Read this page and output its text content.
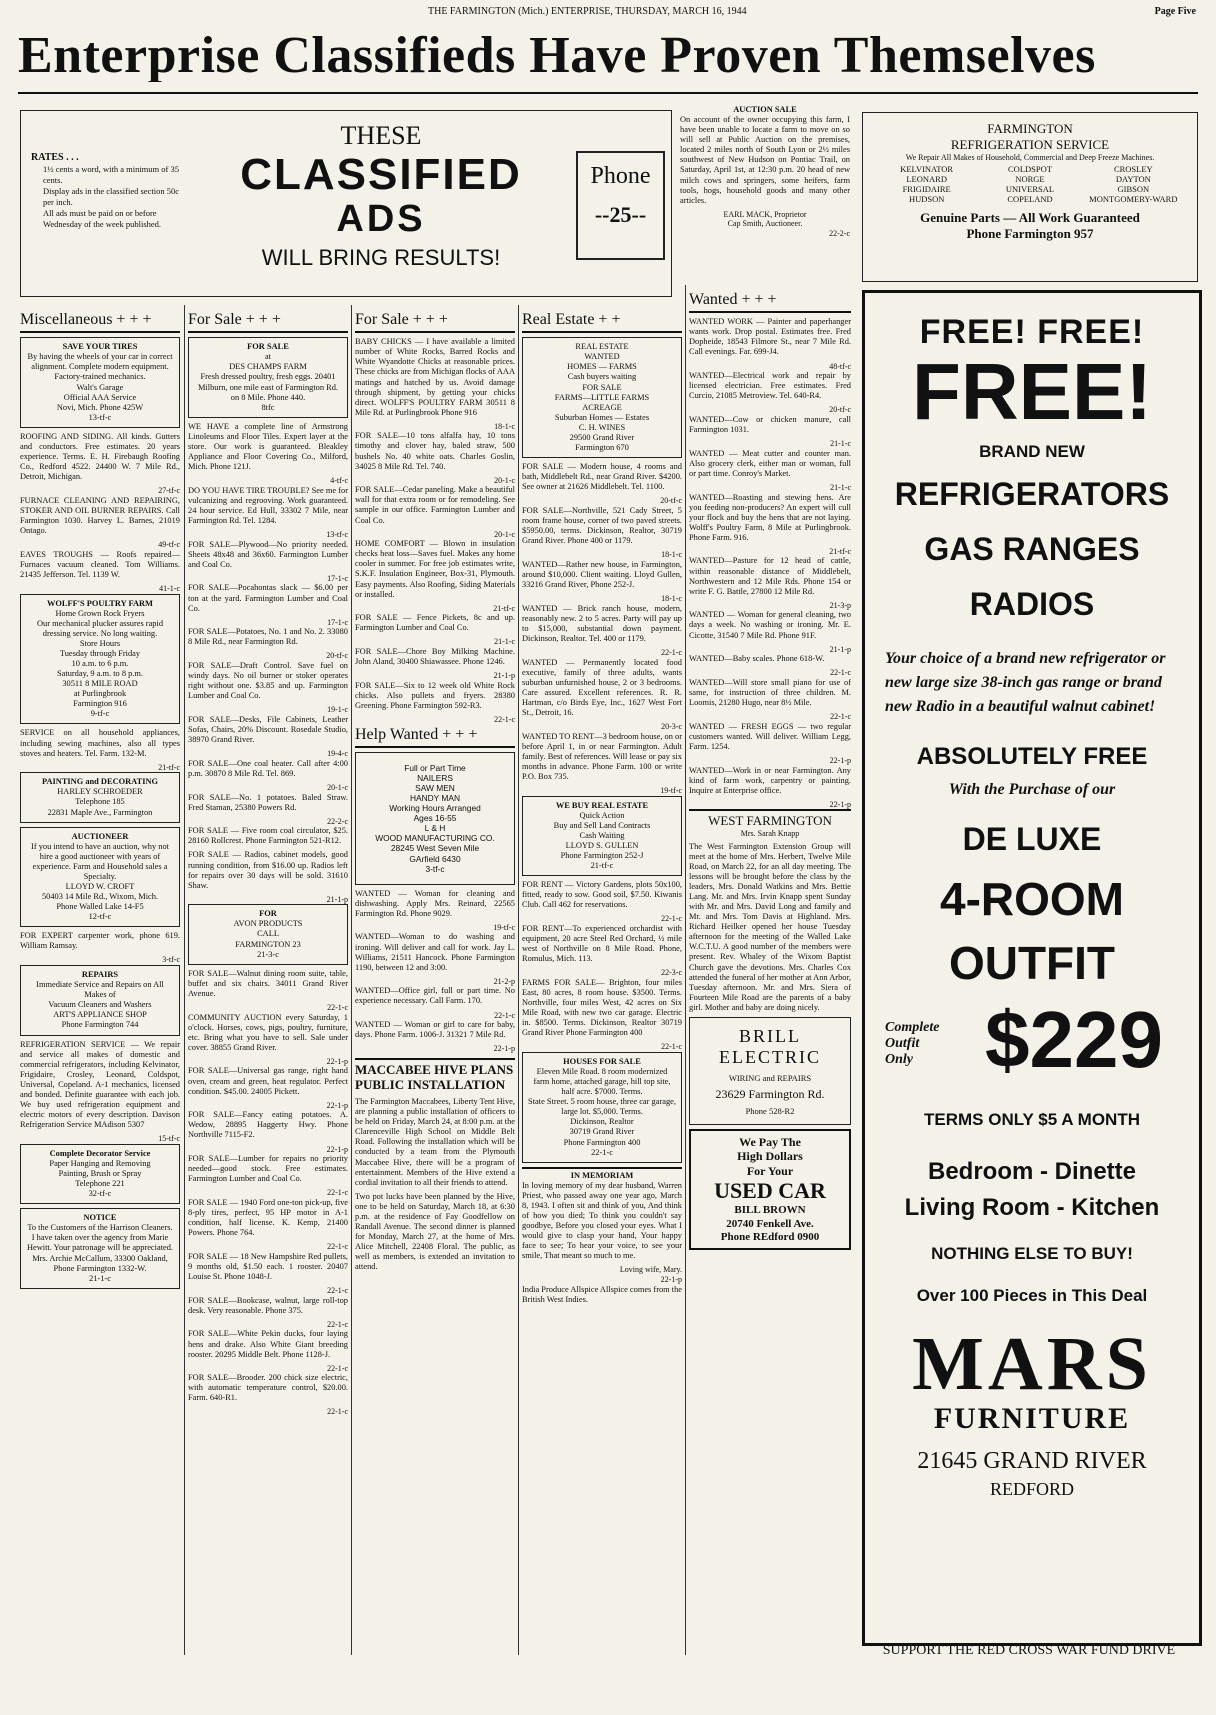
THE FARMINGTON (Mich.) ENTERPRISE, THURSDAY, MARCH 16, 1944	Page Five
Enterprise Classifieds Have Proven Themselves
RATES . . .
1½ cents a word, with a minimum of 35 cents.
Display ads in the classified section 50c per inch.
All ads must be paid on or before Wednesday of the week published.
THESE
CLASSIFIED
ADS
WILL BRING RESULTS!
Phone
--25--
AUCTION SALE
On account of the owner occupying this farm, I have been unable to locate a farm to move on so will sell at Public Auction on the premises, located 2 miles north of South Lyon or 2½ miles southwest of New Hudson on Pontiac Trail, on Saturday, April 1st, at 12:30 p.m. 20 head of new milch cows and springers, some heifers, farm tools, hogs, household goods and many other articles.
EARL MACK, Proprietor
Cap Smith, Auctioneer.
22-2-c
FARMINGTON
REFRIGERATION SERVICE
We Repair All Makes of Household, Commercial and Deep Freeze Machines.
KELVINATOR	COLDSPOT	CROSLEY
LEONARD	NORGE	DAYTON
FRIGIDAIRE	UNIVERSAL	GIBSON
HUDSON	COPELAND	MONTGOMERY-WARD
Genuine Parts — All Work Guaranteed
Phone Farmington 957
Miscellaneous + + +
SAVE YOUR TIRES
By having the wheels of your car in correct alignment. Complete modern equipment. Factory-trained mechanics.
Walt's Garage
Official AAA Service
Novi, Mich. Phone 425W
13-tf-c
ROOFING AND SIDING. All kinds. Gutters and conductors. Free estimates. 20 years experience. Terms. E. H. Firebaugh Roofing Co., Redford 4522. 24400 W. 7 Mile Rd., Detroit, Michigan.
27-tf-c
FURNACE CLEANING AND REPAIRING, STOKER AND OIL BURNER REPAIRS. Call Farmington 1030. Harvey L. Barnes, 21019 Ontago.
49-tf-c
EAVES TROUGHS — Roofs repaired—Furnaces vacuum cleaned. Tom Williams. 21435 Jefferson. Tel. 1139 W.
41-1-c
WOLFF'S POULTRY FARM
Home Grown Rock Fryers
Our mechanical plucker assures rapid dressing service. No long waiting.
Store Hours
Tuesday through Friday
10 a.m. to 6 p.m.
Saturday, 9 a.m. to 8 p.m.
30511 8 MILE ROAD
at Purlingbrook
Farmington 916
9-tf-c
SERVICE on all household appliances, including sewing machines, also all types stoves and heaters. Tel. Farm. 132-M.
21-tf-c
PAINTING and DECORATING
HARLEY SCHROEDER
Telephone 185
22831 Maple Ave., Farmington
AUCTIONEER
If you intend to have an auction, why not hire a good auctioneer with years of experience. Farm and Household sales a Specialty.
LLOYD W. CROFT
50403 14 Mile Rd., Wixom, Mich.
Phone Walled Lake 14-F5
12-tf-c
FOR EXPERT carpenter work, phone 619. William Ramsay.
3-tf-c
REPAIRS
Immediate Service and Repairs on All Makes of
Vacuum Cleaners and Washers
ART'S APPLIANCE SHOP
Phone Farmington 744
REFRIGERATION SERVICE — We repair and service all makes of domestic and commercial refrigerators, including Kelvinator, Frigidaire, Crosley, Leonard, Coldspot, Universal, Copeland. A-1 mechanics, licensed and bonded. Definite guarantee with each job. We buy used refrigeration equipment and electric motors of every description. Davison Refrigeration Service MAdison 5307
15-tf-c
Complete Decorator Service
Paper Hanging and Removing
Painting, Brush or Spray
Telephone 221
32-tf-c
NOTICE
To the Customers of the Harrison Cleaners. I have taken over the agency from Marie Hewitt. Your patronage will be appreciated. Mrs. Archie McCallum, 33300 Oakland, Phone Farmington 1332-W.
21-1-c
For Sale + + +
FOR SALE
at
DES CHAMPS FARM
Fresh dressed poultry, fresh eggs. 20401 Milburn, one mile east of Farmington Rd. on 8 Mile. Phone 440.
8tfc
WE HAVE a complete line of Armstrong Linoleums and Floor Tiles. Expert layer at the store. Our work is guaranteed. Bleakley Appliance and Floor Covering Co., Milford, Mich. Phone 121J.
4-tf-c
DO YOU HAVE TIRE TROUBLE? See me for vulcanizing and regrooving. Work guaranteed. 24 hour service. Ed Hull, 33302 7 Mile, near Farmington Rd. Tel. 1284.
13-tf-c
FOR SALE—Plywood—No priority needed. Sheets 48x48 and 36x60. Farmington Lumber and Coal Co.
17-1-c
FOR SALE—Pocahontas slack — $6.00 per ton at the yard. Farmington Lumber and Coal Co.
17-1-c
FOR SALE—Potatoes, No. 1 and No. 2. 33080 8 Mile Rd., near Farmington Rd.
20-tf-c
FOR SALE—Draft Control. Save fuel on windy days. No oil burner or stoker operates right without one. $3.85 and up. Farmington Lumber and Coal Co.
19-1-c
FOR SALE—Desks, File Cabinets, Leather Sofas, Chairs, 20% Discount. Rosedale Studio, 38970 Grand River.
19-4-c
FOR SALE—One coal heater. Call after 4:00 p.m. 30870 8 Mile Rd. Tel. 869.
20-1-c
FOR SALE—No. 1 potatoes. Baled Straw. Fred Staman, 25380 Powers Rd.
22-2-c
FOR SALE — Five room coal circulator, $25. 28160 Rollcrest. Phone Farmington 521-R12.
FOR SALE — Radios, cabinet models, good running condition, from $16.00 up. Radios left for repairs over 30 days will be sold. 31610 Shaw.
21-1-p
FOR
AVON PRODUCTS
CALL
FARMINGTON 23
21-3-c
FOR SALE—Walnut dining room suite, table, buffet and six chairs. 34011 Grand River Avenue.
22-1-c
COMMUNITY AUCTION every Saturday, 1 o'clock. Horses, cows, pigs, poultry, furniture, etc. Bring what you have to sell. Sale under cover. 38855 Grand River.
22-1-p
FOR SALE—Universal gas range, right hand oven, cream and green, heat regulator. Perfect condition. $45.00. 24005 Pickett.
22-1-p
FOR SALE—Fancy eating potatoes. A. Wedow, 28895 Haggerty Hwy. Phone Northville 7115-F2.
22-1-p
FOR SALE—Lumber for repairs no priority needed—good stock. Free estimates. Farmington Lumber and Coal Co.
22-1-c
FOR SALE — 1940 Ford one-ton pick-up, five 8-ply tires, perfect, 95 HP motor in A-1 condition, half license. K. Kemp, 21400 Powers. Phone 764.
22-1-c
FOR SALE — 18 New Hampshire Red pullets, 9 months old, $1.50 each. 1 rooster. 20407 Louise St. Phone 1048-J.
22-1-c
FOR SALE—Bookcase, walnut, large roll-top desk. Very reasonable. Phone 375.
22-1-c
FOR SALE—White Pekin ducks, four laying hens and drake. Also White Giant breeding rooster. 20295 Middle Belt. Phone 1128-J.
22-1-c
FOR SALE—Brooder. 200 chick size electric, with automatic temperature control, $20.00. Farm. 640-R1.
22-1-c
For Sale + + +
BABY CHICKS — I have available a limited number of White Rocks, Barred Rocks and White Wyandotte Chicks at reasonable prices. These chicks are from Michigan flocks of AAA matings and hatched by us. Avoid damage through shipment, by getting your chicks direct. WOLFF'S POULTRY FARM 30511 8 Mile Rd. at Purlingbrook Phone 916
18-1-c
FOR SALE—10 tons alfalfa hay, 10 tons timothy and clover hay, baled straw, 500 bushels No. 40 white oats. Charles Goslin, 34025 8 Mile Rd. Tel. 740.
20-1-c
FOR SALE—Cedar paneling. Make a beautiful wall for that extra room or for remodeling. See sample in our office. Farmington Lumber and Coal Co.
20-1-c
HOME COMFORT — Blown in insulation checks heat loss—Saves fuel. Makes any home cooler in summer. For free job estimates write, S.K.F. Insulation Engineer, Box-31, Plymouth. Easy payments. Also Roofing, Siding Materials or installed.
21-tf-c
FOR SALE — Fence Pickets, 8c and up. Farmington Lumber and Coal Co.
21-1-c
FOR SALE—Chore Boy Milking Machine. John Aland, 30400 Shiawassee. Phone 1246.
21-1-p
FOR SALE—Six to 12 week old White Rock chicks. Also pullets and fryers. 28380 Greening. Phone Farmington 592-R3.
22-1-c
Help Wanted + + +
Full or Part Time
NAILERS
SAW MEN
HANDY MAN
Working Hours Arranged
Ages 16-55
L & H
WOOD MANUFACTURING CO.
28245 West Seven Mile
GArfield 6430
3-tf-c
WANTED — Woman for cleaning and dishwashing. Apply Mrs. Reinard, 22565 Farmington Rd. Phone 9029.
19-tf-c
WANTED—Woman to do washing and ironing. Will deliver and call for work. Jay L. Williams, 21511 Hancock. Phone Farmington 1190, between 12 and 3:00.
21-2-p
WANTED—Office girl, full or part time. No experience necessary. Call Farm. 170.
22-1-c
WANTED — Woman or girl to care for baby, days. Phone Farm. 1006-J. 31321 7 Mile Rd.
22-1-p
MACCABEE HIVE PLANS PUBLIC INSTALLATION
The Farmington Maccabees, Liberty Tent Hive, are planning a public installation of officers to be held on Friday, March 24, at 8:00 p.m. at the Clarenceville High School on Middle Belt Road. Following the installation which will be conducted by a team from the Plymouth Maccabee Hive, there will be a program of entertainment. Members of the Hive extend a cordial invitation to all their friends to attend.
Two pot lucks have been planned by the Hive, one to be held on Saturday, March 18, at 6:30 p.m. at the residence of Fay Goodfellow on Randall Avenue. The second dinner is planned for Monday, March 27, at the home of Mrs. Alice Mitchell, 22408 Floral. The public, as well as members, is extended an invitation to attend.
Real Estate + +
REAL ESTATE
WANTED
HOMES — FARMS
Cash buyers waiting
FOR SALE
FARMS—LITTLE FARMS
ACREAGE
Suburban Homes — Estates
C. H. WINES
29500 Grand River
Farmington 670
FOR SALE — Modern house, 4 rooms and bath, Middlebelt Rd., near Grand River. $4200. See owner at 21626 Middlebelt. Tel. 1100.
20-tf-c
FOR SALE—Northville, 521 Cady Street, 5 room frame house, corner of two paved streets. $5950.00, terms. Dickinson, Realtor, 30719 Grand River. Phone 400 or 1179.
18-1-c
WANTED—Rather new house, in Farmington, around $10,000. Client waiting. Lloyd Gullen, 33216 Grand River, Phone 252-J.
18-1-c
WANTED — Brick ranch house, modern, reasonably new. 2 to 5 acres. Party will pay up to $15,000, substantial down payment. Dickinson, Realtor. Tel. 400 or 1179.
22-1-c
WANTED — Permanently located food executive, family of three adults, wants suburban unfurnished house, 2 or 3 bedrooms. Care assured. Excellent references. R. R. Hartman, c/o Birds Eye, Inc., 1627 West Fort St., Detroit, 16.
20-3-c
WANTED TO RENT—3 bedroom house, on or before April 1, in or near Farmington. Adult family. Best of references. Will lease or pay six months in advance. Phone Farm. 100 or write P.O. Box 735.
19-tf-c
WE BUY REAL ESTATE
Quick Action
Buy and Sell Land Contracts
Cash Waiting
LLOYD S. GULLEN
Phone Farmington 252-J
21-tf-c
FOR RENT — Victory Gardens, plots 50x100, fitted, ready to sow. Good soil, $7.50. Kiwanis Club. Call 462 for reservations.
22-1-c
FOR RENT—To experienced orchardist with equipment, 20 acre Steel Red Orchard, ½ mile west of Northville on 8 Mile Road. Phone, Romulus, Mich. 113.
22-3-c
FARMS FOR SALE— Brighton, four miles East, 80 acres, 8 room house. $3500. Terms. Northville, four miles West, 42 acres on Six Mile Road, with new two car garage. Electric in. $8500. Terms. Dickinson, Realtor 30719 Grand River Phone Farmington 400
22-1-c
HOUSES FOR SALE
Eleven Mile Road. 8 room modernized farm home, attached garage, hill top site, half acre. $7000. Terms.
State Street. 5 room house, three car garage, large lot. $5,000. Terms.
Dickinson, Realtor
30719 Grand River
Phone Farmington 400
22-1-c
IN MEMORIAM
In loving memory of my dear husband, Warren Priest, who passed away one year ago, March 8, 1943. I often sit and think of you, And think of how you died; To think you couldn't say goodbye, Before you closed your eyes. What I would give to clasp your hand, Your happy face to see; To hear your voice, to see your smile, That meant so much to me.
Loving wife, Mary.
22-1-p
India Produce Allspice Allspice comes from the British West Indies.
Wanted + + +
WANTED WORK — Painter and paperhanger wants work. Drop postal. Estimates free. Fred Dopheide, 18543 Filmore St., near 7 Mile Rd. Call evenings. Far. 699-J4.
48-tf-c
WANTED—Electrical work and repair by licensed electrician. Free estimates. Fred Curcio, 21085 Metroview. Tel. 640-R4.
20-tf-c
WANTED—Cow or chicken manure, call Farmington 1031.
21-1-c
WANTED — Meat cutter and counter man. Also grocery clerk, either man or woman, full or part time. Conroy's Market.
21-1-c
WANTED—Roasting and stewing hens. Are you feeding non-producers? An expert will cull your flock and buy the hens that are not laying. Wolff's Poultry Farm, 8 Mile at Purlingbrook. Phone Farm. 916.
21-tf-c
WANTED—Pasture for 12 head of cattle, within reasonable distance of Middlebelt, Northwestern and 12 Mile Rds. Phone 154 or write F. G. Battle, 27800 12 Mile Rd.
21-3-p
WANTED — Woman for general cleaning, two days a week. No washing or ironing. Mr. E. Cicotte, 31540 7 Mile Rd. Phone 91F.
21-1-p
WANTED—Baby scales. Phone 618-W.
22-1-c
WANTED—Will store small piano for use of same, for instruction of three children. M. Loomis, 21280 Hugo, near 8½ Mile.
22-1-c
WANTED — FRESH EGGS — two regular customers wanted. Will deliver. William Legg, Farm. 1254.
22-1-p
WANTED—Work in or near Farmington. Any kind of farm work, carpentry or painting. Inquire at Enterprise office.
22-1-p
WEST FARMINGTON
Mrs. Sarah Knapp
The West Farmington Extension Group will meet at the home of Mrs. Herbert, Twelve Mile Road, on March 22, for an all day meeting. The lessons will be brought before the class by the leaders, Mrs. Donald Watkins and Mrs. Bettie Lang. Mr. and Mrs. Irvin Knapp spent Sunday with Mr. and Mrs. David Long and family and Mr. and Mrs. Tom Davis at Highland. Mrs. Richard Heilker opened her house Tuesday afternoon for the meeting of the Walled Lake W.C.T.U. A good number of the members were present. Rev. Whaley of the Wixom Baptist Church gave the devotions. Mrs. Charles Cox attended the funeral of her mother at Ann Arbor, Tuesday afternoon. Mr. and Mrs. Siera of Fourteen Mile Road are the parents of a baby girl. Mother and baby are doing nicely.
BRILL
ELECTRIC
WIRING and REPAIRS
23629 Farmington Rd.
Phone 528-R2
We Pay The
High Dollars
For Your
USED CAR
BILL BROWN
20740 Fenkell Ave.
Phone REdford 0900
FREE! FREE!
FREE!
BRAND NEW
REFRIGERATORS
GAS RANGES
RADIOS
Your choice of a brand new refrigerator or new large size 38-inch gas range or brand new Radio in a beautiful walnut cabinet!
ABSOLUTELY FREE
With the Purchase of our
DE LUXE
4-ROOM
OUTFIT
Complete Outfit Only $229
TERMS ONLY $5 A MONTH
Bedroom - Dinette
Living Room - Kitchen
NOTHING ELSE TO BUY!
Over 100 Pieces in This Deal
MARS
FURNITURE
21645 GRAND RIVER
REDFORD
SUPPORT THE RED CROSS WAR FUND DRIVE
